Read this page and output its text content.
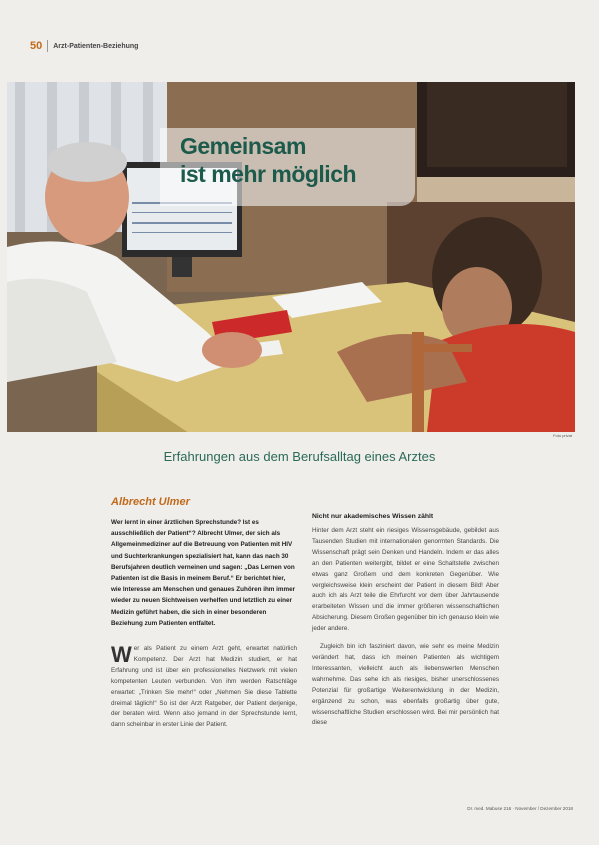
50 Arzt-Patienten-Beziehung
Gemeinsam
ist mehr möglich
Foto privat
Erfahrungen aus dem Berufsalltag eines Arztes
Albrecht Ulmer

Wer lernt in einer ärztlichen Sprechstunde? Ist es ausschließlich der Patient“? Albrecht Ulmer, der sich als Allgemeinmediziner auf die Betreuung von Patienten mit HIV und Suchterkrankungen spezialisiert hat, kann das nach 30 Berufsjahren deutlich verneinen und sagen: „Das Lernen von Patienten ist die Basis in meinem Beruf.“ Er berichtet hier, wie Interesse am Menschen und genaues Zuhören ihm immer wieder zu neuen Sichtweisen verhelfen und letztlich zu einer Medizin geführt haben, die sich in einer besonderen Beziehung zum Patienten entfaltet.

Wer als Patient zu einem Arzt geht, erwartet natürlich Kompetenz. Der Arzt hat Medizin studiert, er hat Erfahrung und ist über ein professionelles Netzwerk mit vielen kompetenten Leuten verbunden. Von ihm werden Ratschläge erwartet: „Trinken Sie mehr!“ oder „Nehmen Sie diese Tablette dreimal täglich!“ So ist der Arzt Ratgeber, der Patient derjenige, der beraten wird. Wenn also jemand in der Sprechstunde lernt, dann scheinbar in erster Linie der Patient.

Nicht nur akademisches Wissen zählt

Hinter dem Arzt steht ein riesiges Wissensgebäude, gebildet aus Tausenden Studien mit internationalen genormten Standards. Die Wissenschaft prägt sein Denken und Handeln. Indem er das alles an den Patienten weitergibt, bildet er eine Schaltstelle zwischen etwas ganz Großem und dem konkreten Gegenüber. Wie vergleichsweise klein erscheint der Patient in diesem Bild! Aber auch ich als Arzt teile die Ehrfurcht vor dem über Jahrtausende erarbeiteten Wissen und die immer größeren wissenschaftlichen Absicherung. Diesem Großen gegenüber bin ich genauso klein wie jeder andere.

Zugleich bin ich fasziniert davon, wie sehr es meine Medizin verändert hat, dass ich meinen Patienten als wichtigem Interessanten, vielleicht auch als liebenswerten Menschen wahrnehme. Das sehe ich als riesiges, bisher unerschlossenes Potenzial für großartige Weiterentwicklung in der Medizin, ergänzend zu schon, was ebenfalls großartig über gute, wissenschaftliche Studien erschlossen wird. Bei mir persönlich hat diese

Dr. med. Mabuse 216 · November / Dezember 2018
